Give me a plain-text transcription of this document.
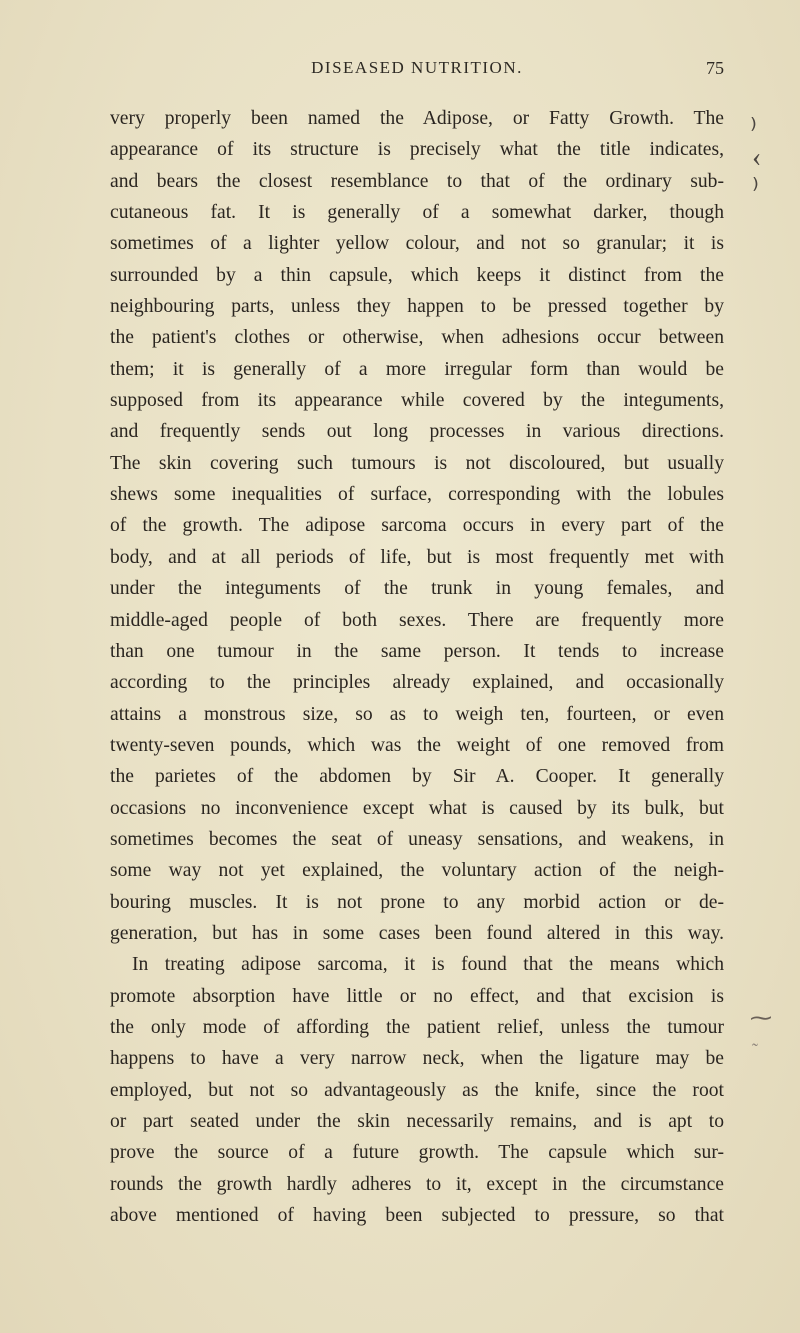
DISEASED NUTRITION.	75
very properly been named the Adipose, or Fatty Growth. The
appearance of its structure is precisely what the title indicates,
and bears the closest resemblance to that of the ordinary sub-
cutaneous fat. It is generally of a somewhat darker, though
sometimes of a lighter yellow colour, and not so granular; it is
surrounded by a thin capsule, which keeps it distinct from the
neighbouring parts, unless they happen to be pressed together by
the patient's clothes or otherwise, when adhesions occur between
them; it is generally of a more irregular form than would be
supposed from its appearance while covered by the integuments,
and frequently sends out long processes in various directions.
The skin covering such tumours is not discoloured, but usually
shews some inequalities of surface, corresponding with the lobules
of the growth. The adipose sarcoma occurs in every part of the
body, and at all periods of life, but is most frequently met with
under the integuments of the trunk in young females, and
middle-aged people of both sexes. There are frequently more
than one tumour in the same person. It tends to increase
according to the principles already explained, and occasionally
attains a monstrous size, so as to weigh ten, fourteen, or even
twenty-seven pounds, which was the weight of one removed from
the parietes of the abdomen by Sir A. Cooper. It generally
occasions no inconvenience except what is caused by its bulk, but
sometimes becomes the seat of uneasy sensations, and weakens, in
some way not yet explained, the voluntary action of the neigh-
bouring muscles. It is not prone to any morbid action or de-
generation, but has in some cases been found altered in this way.
In treating adipose sarcoma, it is found that the means which
promote absorption have little or no effect, and that excision is
the only mode of affording the patient relief, unless the tumour
happens to have a very narrow neck, when the ligature may be
employed, but not so advantageously as the knife, since the root
or part seated under the skin necessarily remains, and is apt to
prove the source of a future growth. The capsule which sur-
rounds the growth hardly adheres to it, except in the circumstance
above mentioned of having been subjected to pressure, so that
⁾
‹
⁾
⁓
˜
